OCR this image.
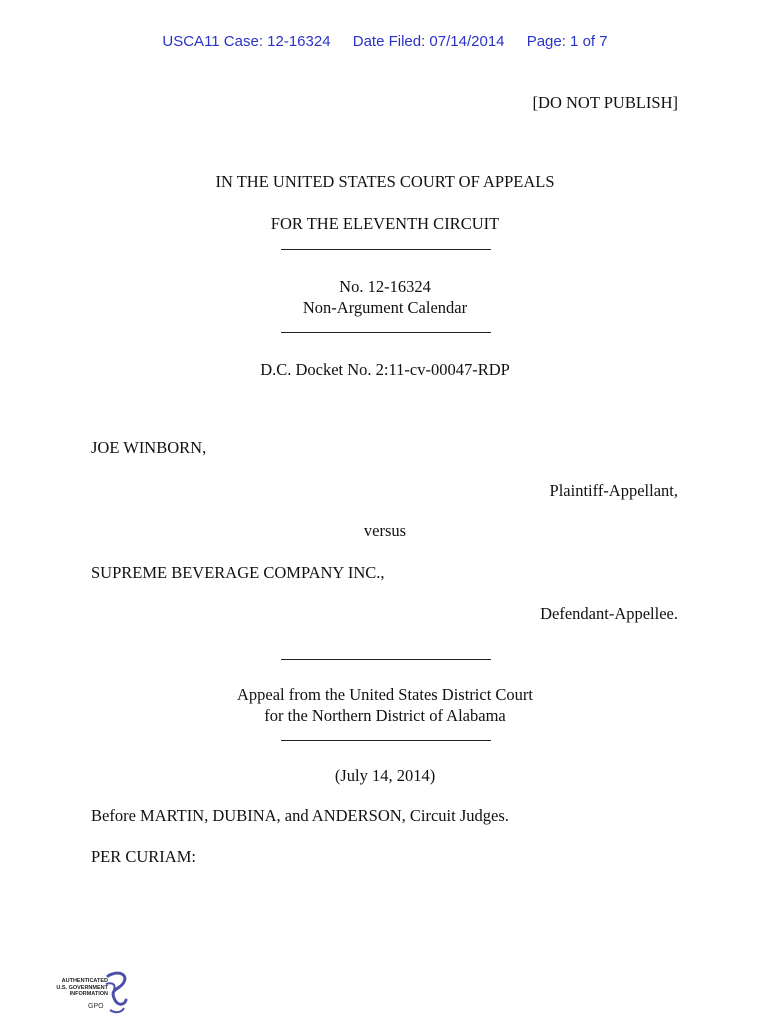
USCA11 Case: 12-16324 Date Filed: 07/14/2014 Page: 1 of 7
[DO NOT PUBLISH]
IN THE UNITED STATES COURT OF APPEALS
FOR THE ELEVENTH CIRCUIT
No. 12-16324
Non-Argument Calendar
D.C. Docket No. 2:11-cv-00047-RDP
JOE WINBORN,
Plaintiff-Appellant,
versus
SUPREME BEVERAGE COMPANY INC.,
Defendant-Appellee.
Appeal from the United States District Court
for the Northern District of Alabama
(July 14, 2014)
Before MARTIN, DUBINA, and ANDERSON, Circuit Judges.
PER CURIAM:
AUTHENTICATED
U.S. GOVERNMENT
INFORMATION
GPO
